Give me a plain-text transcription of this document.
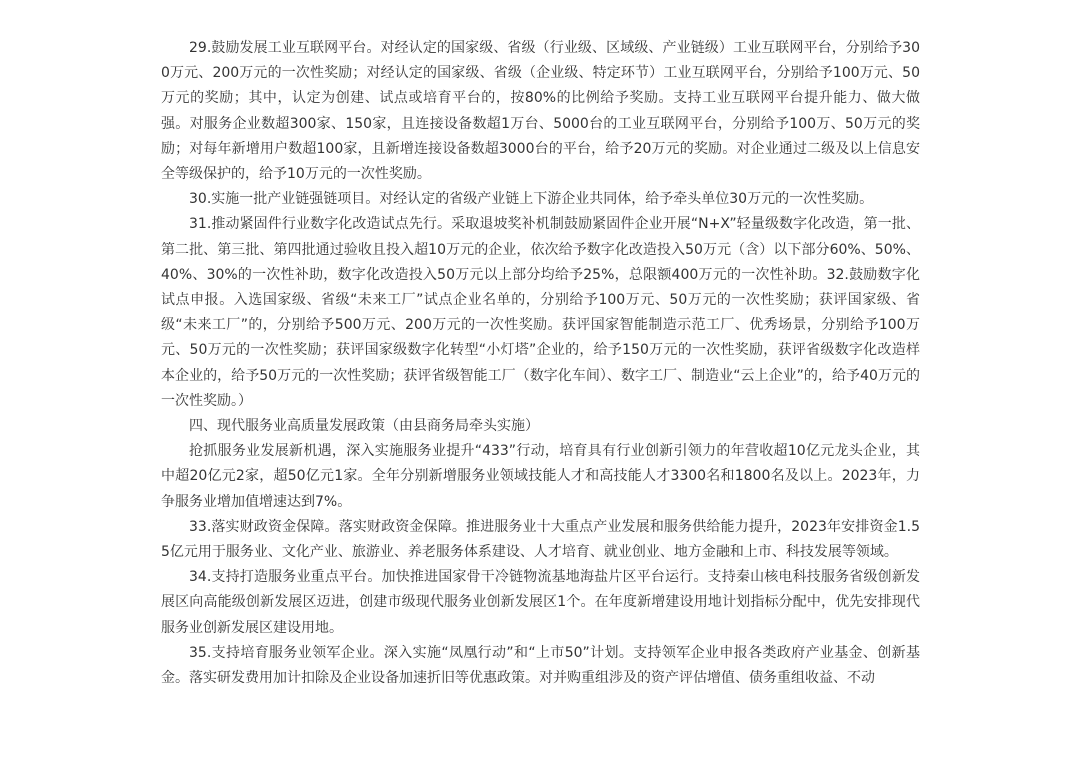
29.鼓励发展工业互联网平台。对经认定的国家级、省级（行业级、区域级、产业链级）工业互联网平台，分别给予300万元、200万元的一次性奖励；对经认定的国家级、省级（企业级、特定环节）工业互联网平台，分别给予100万元、50万元的奖励；其中，认定为创建、试点或培育平台的，按80%的比例给予奖励。支持工业互联网平台提升能力、做大做强。对服务企业数超300家、150家，且连接设备数超1万台、5000台的工业互联网平台，分别给予100万、50万元的奖励；对每年新增用户数超100家，且新增连接设备数超3000台的平台，给予20万元的奖励。对企业通过二级及以上信息安全等级保护的，给予10万元的一次性奖励。

30.实施一批产业链强链项目。对经认定的省级产业链上下游企业共同体，给予牵头单位30万元的一次性奖励。

31.推动紧固件行业数字化改造试点先行。采取退坡奖补机制鼓励紧固件企业开展“N+X”轻量级数字化改造，第一批、第二批、第三批、第四批通过验收且投入超10万元的企业，依次给予数字化改造投入50万元（含）以下部分60%、50%、40%、30%的一次性补助，数字化改造投入50万元以上部分均给予25%，总限额400万元的一次性补助。32.鼓励数字化试点申报。入选国家级、省级“未来工厂”试点企业名单的，分别给予100万元、50万元的一次性奖励；获评国家级、省级“未来工厂”的，分别给予500万元、200万元的一次性奖励。获评国家智能制造示范工厂、优秀场景，分别给予100万元、50万元的一次性奖励；获评国家级数字化转型“小灯塔”企业的，给予150万元的一次性奖励，获评省级数字化改造样本企业的，给予50万元的一次性奖励；获评省级智能工厂（数字化车间）、数字工厂、制造业“云上企业”的，给予40万元的一次性奖励。）

四、现代服务业高质量发展政策（由县商务局牵头实施）

抢抓服务业发展新机遇，深入实施服务业提升“433”行动，培育具有行业创新引领力的年营收超10亿元龙头企业，其中超20亿元2家，超50亿元1家。全年分别新增服务业领域技能人才和高技能人才3300名和1800名及以上。2023年，力争服务业增加值增速达到7%。

33.落实财政资金保障。落实财政资金保障。推进服务业十大重点产业发展和服务供给能力提升，2023年安排资金1.55亿元用于服务业、文化产业、旅游业、养老服务体系建设、人才培育、就业创业、地方金融和上市、科技发展等领域。

34.支持打造服务业重点平台。加快推进国家骨干冷链物流基地海盐片区平台运行。支持秦山核电科技服务省级创新发展区向高能级创新发展区迈进，创建市级现代服务业创新发展区1个。在年度新增建设用地计划指标分配中，优先安排现代服务业创新发展区建设用地。

35.支持培育服务业领军企业。深入实施“凤凰行动”和“上市50”计划。支持领军企业申报各类政府产业基金、创新基金。落实研发费用加计扣除及企业设备加速折旧等优惠政策。对并购重组涉及的资产评估增值、债务重组收益、不动
